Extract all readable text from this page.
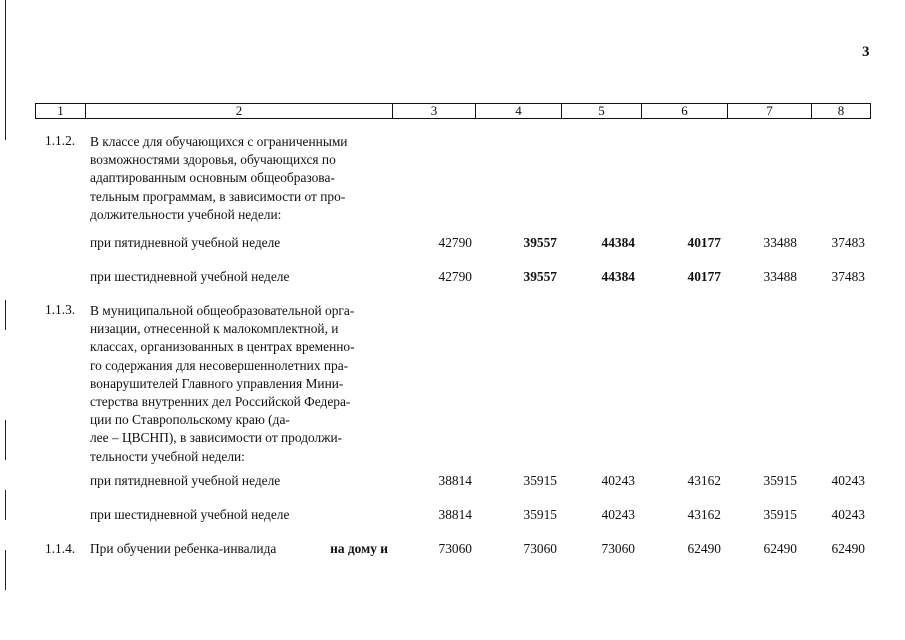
3
1	2	3	4	5	6	7	8
1.1.2. В классе для обучающихся с ограниченными
возможностями здоровья, обучающихся по
адаптированным основным общеобразова-
тельным программам, в зависимости от про-
должительности учебной недели:
при пятидневной учебной неделе	42790	39557	44384	40177	33488	37483
при шестидневной учебной неделе	42790	39557	44384	40177	33488	37483
1.1.3. В муниципальной общеобразовательной орга-
низации, отнесенной к малокомплектной, и
классах, организованных в центрах временно-
го содержания для несовершеннолетних пра-
вонарушителей Главного управления Мини-
стерства внутренних дел Российской Федера-
ции по Ставропольскому краю (да-
лее – ЦВСНП), в зависимости от продолжи-
тельности учебной недели:
при пятидневной учебной неделе	38814	35915	40243	43162	35915	40243
при шестидневной учебной неделе	38814	35915	40243	43162	35915	40243
1.1.4. При обучении ребенка-инвалида	на дому и	73060	73060	73060	62490	62490	62490
